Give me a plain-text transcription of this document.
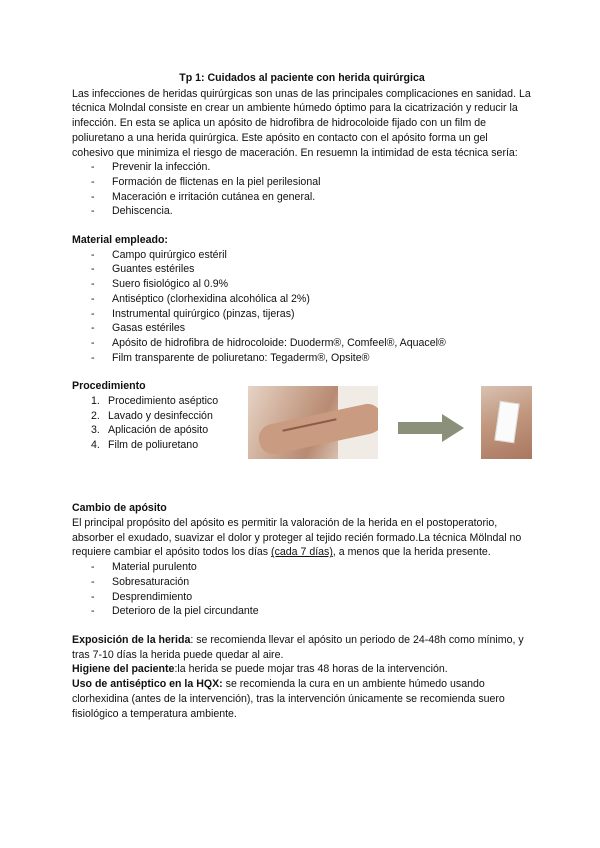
Tp 1: Cuidados al paciente con herida quirúrgica

Las infecciones de heridas quirúrgicas son unas de las principales complicaciones en sanidad. La técnica Molndal consiste en crear un ambiente húmedo óptimo para la cicatrización y reducir la infección. En esta se aplica un apósito de hidrofibra de hidrocoloide fijado con un film de poliuretano a una herida quirúrgica. Este apósito en contacto con el apósito forma un gel cohesivo que minimiza el riesgo de maceración. En resuemn la intimidad de esta técnica sería:

- Prevenir la infección.
- Formación de flictenas en la piel perilesional
- Maceración e irritación cutánea en general.
- Dehiscencia.

Material empleado:

- Campo quirúrgico estéril
- Guantes estériles
- Suero fisiológico al 0.9%
- Antiséptico (clorhexidina alcohólica al 2%)
- Instrumental quirúrgico (pinzas, tijeras)
- Gasas estériles
- Apósito de hidrofibra de hidrocoloide: Duoderm®, Comfeel®, Aquacel®
- Film transparente de poliuretano: Tegaderm®, Opsite®

Procedimiento

1. Procedimiento aséptico
2. Lavado y desinfección
3. Aplicación de apósito
4. Film de poliuretano

Cambio de apósito

El principal propósito del apósito es permitir la valoración de la herida en el postoperatorio, absorber el exudado, suavizar el dolor y proteger al tejido recién formado.La técnica Mölndal no requiere cambiar el apósito todos los días (cada 7 días), a menos que la herida presente.

- Material purulento
- Sobresaturación
- Desprendimiento
- Deterioro de la piel circundante

Exposición de la herida: se recomienda llevar el apósito un periodo de 24-48h como mínimo, y tras 7-10 días la herida puede quedar al aire.

Higiene del paciente:la herida se puede mojar tras 48 horas de la intervención.

Uso de antiséptico en la HQX: se recomienda la cura en un ambiente húmedo usando clorhexidina (antes de la intervención), tras la intervención únicamente se recomienda suero fisiológico a temperatura ambiente.
